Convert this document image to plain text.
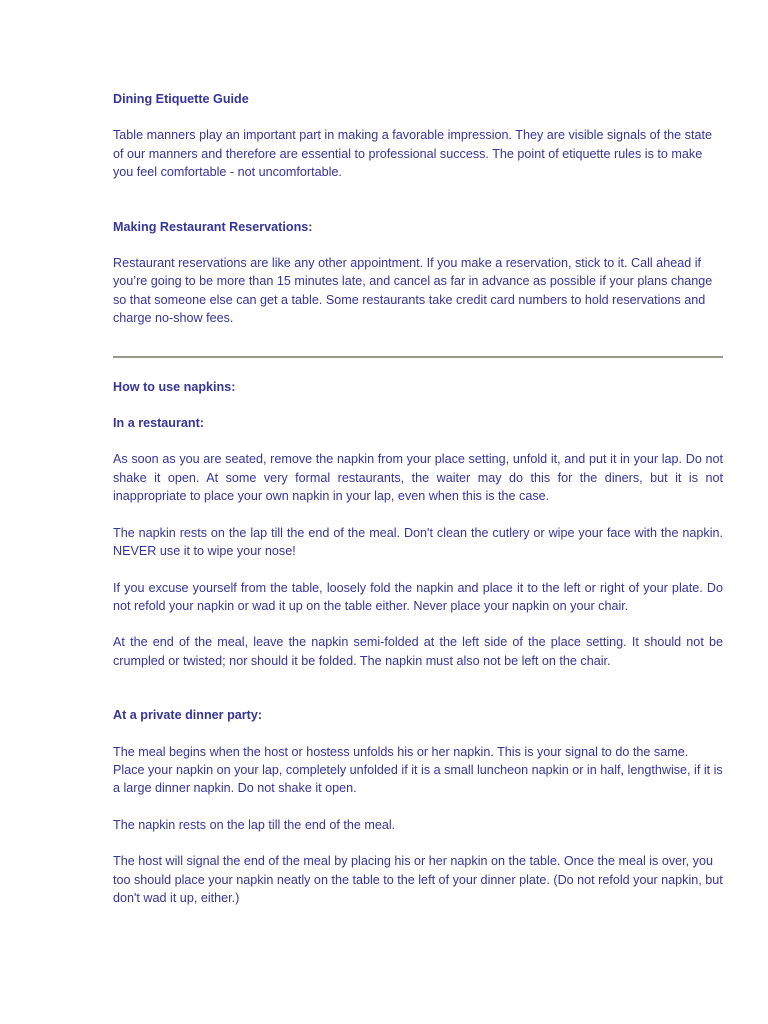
Dining Etiquette Guide

Table manners play an important part in making a favorable impression. They are visible signals of the state of our manners and therefore are essential to professional success. The point of etiquette rules is to make you feel comfortable - not uncomfortable.

Making Restaurant Reservations:

Restaurant reservations are like any other appointment. If you make a reservation, stick to it. Call ahead if you’re going to be more than 15 minutes late, and cancel as far in advance as possible if your plans change so that someone else can get a table. Some restaurants take credit card numbers to hold reservations and charge no-show fees.

How to use napkins:

In a restaurant:

As soon as you are seated, remove the napkin from your place setting, unfold it, and put it in your lap. Do not shake it open. At some very formal restaurants, the waiter may do this for the diners, but it is not inappropriate to place your own napkin in your lap, even when this is the case.

The napkin rests on the lap till the end of the meal. Don't clean the cutlery or wipe your face with the napkin. NEVER use it to wipe your nose!

If you excuse yourself from the table, loosely fold the napkin and place it to the left or right of your plate. Do not refold your napkin or wad it up on the table either. Never place your napkin on your chair.

At the end of the meal, leave the napkin semi-folded at the left side of the place setting. It should not be crumpled or twisted; nor should it be folded. The napkin must also not be left on the chair.

At a private dinner party:

The meal begins when the host or hostess unfolds his or her napkin. This is your signal to do the same. Place your napkin on your lap, completely unfolded if it is a small luncheon napkin or in half, lengthwise, if it is a large dinner napkin. Do not shake it open.

The napkin rests on the lap till the end of the meal.

The host will signal the end of the meal by placing his or her napkin on the table. Once the meal is over, you too should place your napkin neatly on the table to the left of your dinner plate. (Do not refold your napkin, but don't wad it up, either.)
